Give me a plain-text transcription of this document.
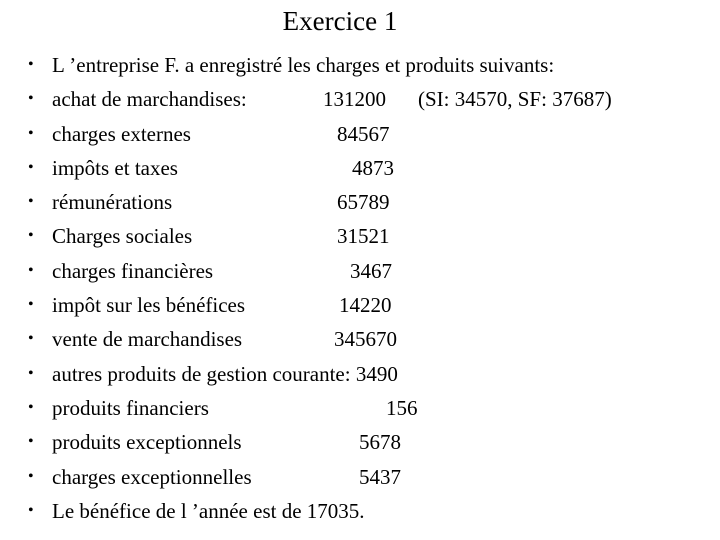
Exercice 1
• L ’entreprise F. a enregistré les charges et produits suivants:
• achat de marchandises:	131200 (SI: 34570, SF: 37687)
• charges externes	84567
• impôts et taxes	4873
• rémunérations	65789
• Charges sociales	31521
• charges financières	3467
• impôt sur les bénéfices	14220
• vente de marchandises	345670
• autres produits de gestion courante: 3490
• produits financiers	156
• produits exceptionnels	5678
• charges exceptionnelles	5437
• Le bénéfice de l ’année est de 17035.
